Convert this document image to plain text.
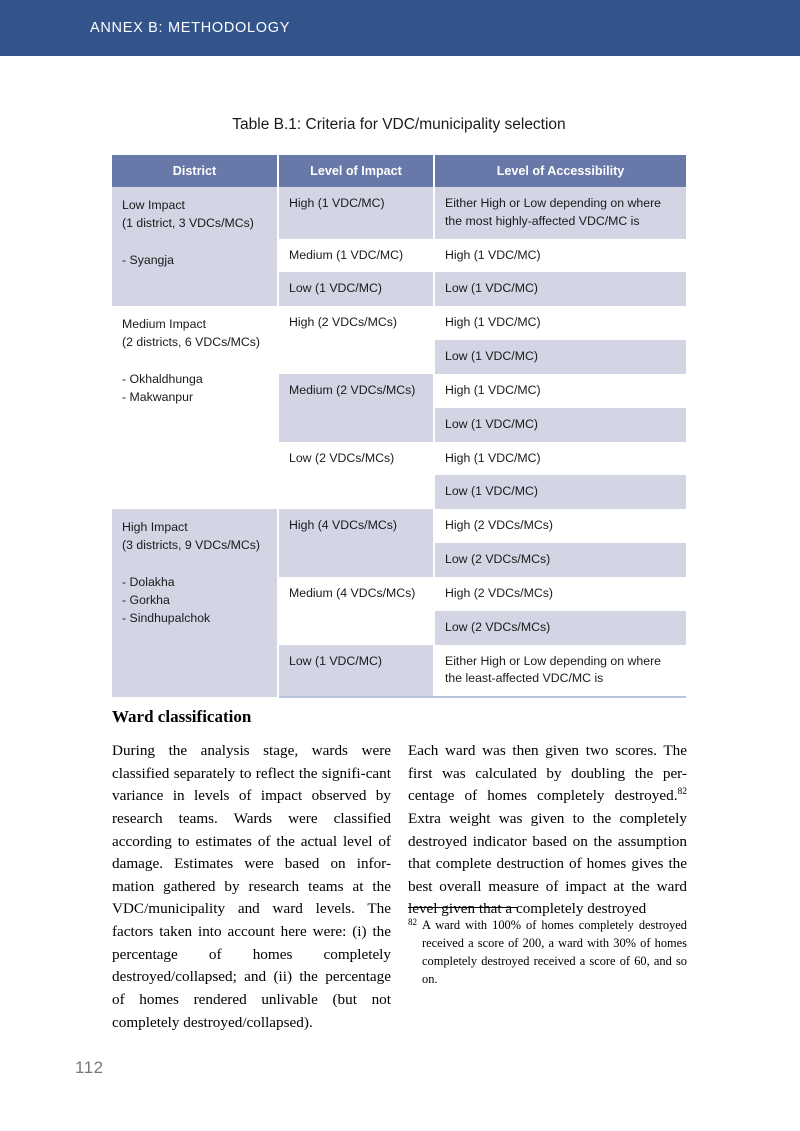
ANNEX B: METHODOLOGY
Table B.1: Criteria for VDC/municipality selection
District	Level of Impact	Level of Accessibility

Low Impact
(1 district, 3 VDCs/MCs)
- Syangja	High (1 VDC/MC)	Either High or Low depending on where the most highly-affected VDC/MC is
	Medium (1 VDC/MC)	High (1 VDC/MC)
	Low (1 VDC/MC)	Low (1 VDC/MC)

Medium Impact
(2 districts, 6 VDCs/MCs)
- Okhaldhunga
- Makwanpur	High (2 VDCs/MCs)	High (1 VDC/MC)
		Low (1 VDC/MC)
	Medium (2 VDCs/MCs)	High (1 VDC/MC)
		Low (1 VDC/MC)
	Low (2 VDCs/MCs)	High (1 VDC/MC)
		Low (1 VDC/MC)

High Impact
(3 districts, 9 VDCs/MCs)
- Dolakha
- Gorkha
- Sindhupalchok	High (4 VDCs/MCs)	High (2 VDCs/MCs)
		Low (2 VDCs/MCs)
	Medium (4 VDCs/MCs)	High (2 VDCs/MCs)
		Low (2 VDCs/MCs)
	Low (1 VDC/MC)	Either High or Low depending on where the least-affected VDC/MC is
Ward classification

During the analysis stage, wards were classified separately to reflect the signifi-cant variance in levels of impact observed by research teams. Wards were classified according to estimates of the actual level of damage. Estimates were based on infor-mation gathered by research teams at the VDC/municipality and ward levels. The factors taken into account here were: (i) the percentage of homes completely destroyed/collapsed; and (ii) the percentage of homes rendered unlivable (but not completely destroyed/collapsed).

Each ward was then given two scores. The first was calculated by doubling the per-centage of homes completely destroyed.$^{82}$ Extra weight was given to the completely destroyed indicator based on the assumption that complete destruction of homes gives the best overall measure of impact at the ward level given that a completely destroyed

82 A ward with 100% of homes completely destroyed received a score of 200, a ward with 30% of homes completely destroyed received a score of 60, and so on.
112
